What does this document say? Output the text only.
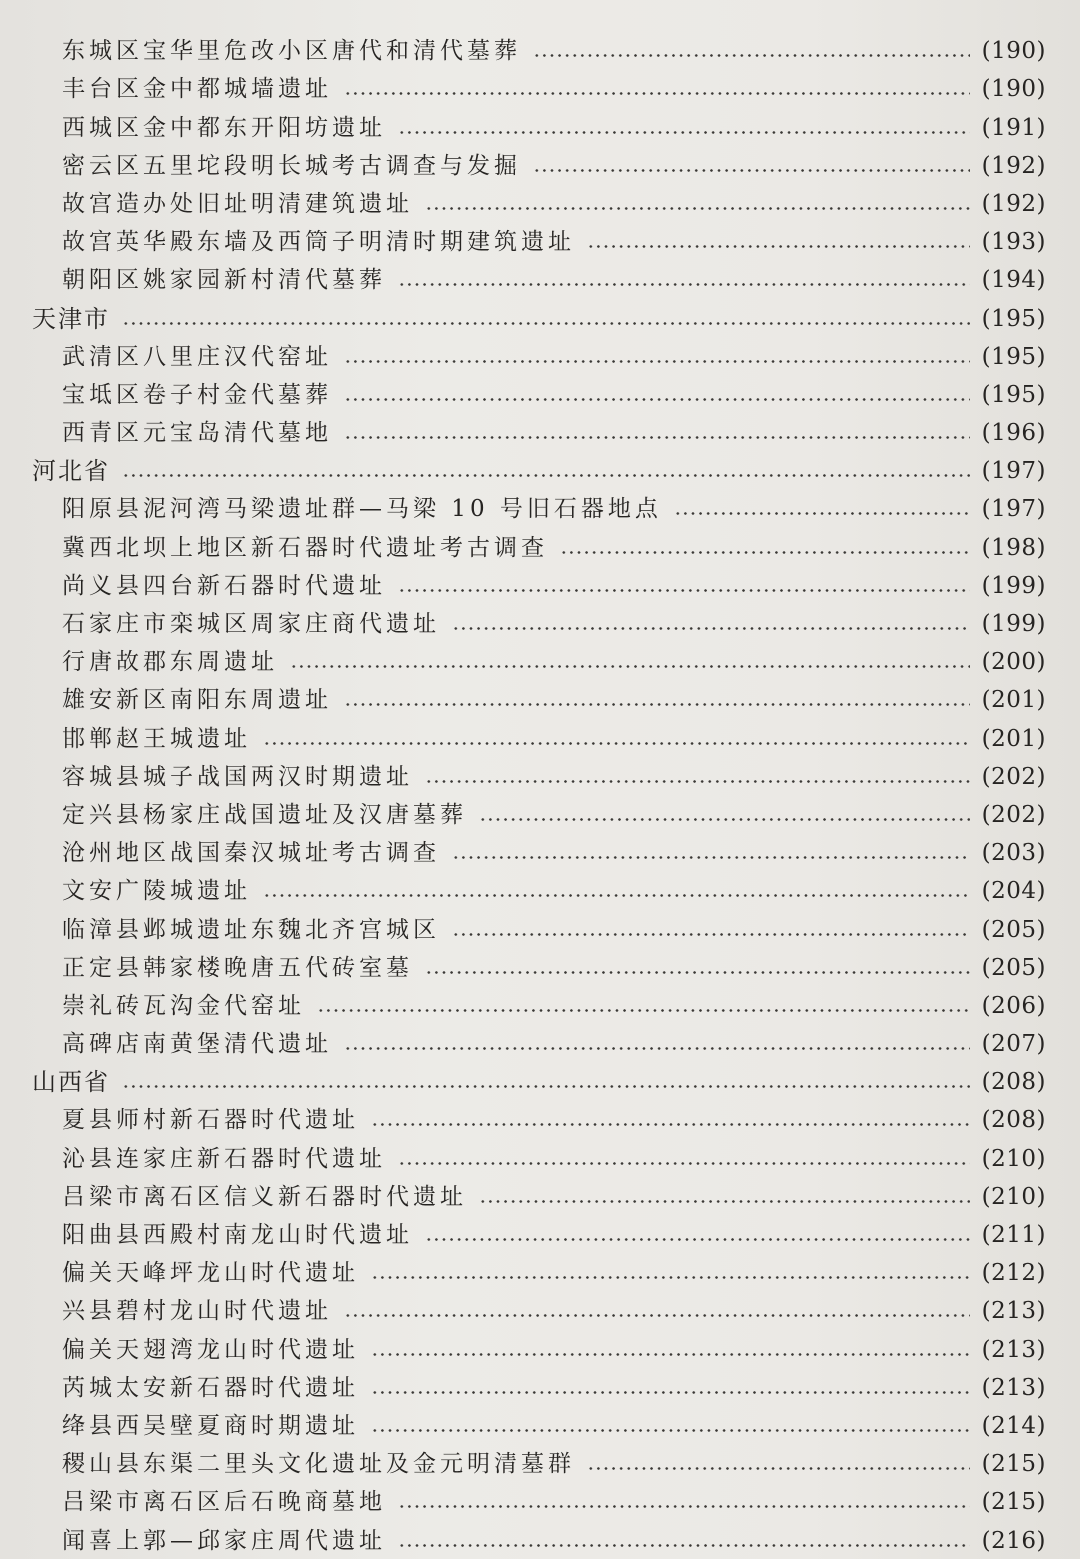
东城区宝华里危改小区唐代和清代墓葬	(190)
丰台区金中都城墙遗址	(190)
西城区金中都东开阳坊遗址	(191)
密云区五里坨段明长城考古调查与发掘	(192)
故宫造办处旧址明清建筑遗址	(192)
故宫英华殿东墙及西筒子明清时期建筑遗址	(193)
朝阳区姚家园新村清代墓葬	(194)
天津市	(195)
武清区八里庄汉代窑址	(195)
宝坻区卷子村金代墓葬	(195)
西青区元宝岛清代墓地	(196)
河北省	(197)
阳原县泥河湾马梁遗址群—马梁 10 号旧石器地点	(197)
冀西北坝上地区新石器时代遗址考古调查	(198)
尚义县四台新石器时代遗址	(199)
石家庄市栾城区周家庄商代遗址	(199)
行唐故郡东周遗址	(200)
雄安新区南阳东周遗址	(201)
邯郸赵王城遗址	(201)
容城县城子战国两汉时期遗址	(202)
定兴县杨家庄战国遗址及汉唐墓葬	(202)
沧州地区战国秦汉城址考古调查	(203)
文安广陵城遗址	(204)
临漳县邺城遗址东魏北齐宫城区	(205)
正定县韩家楼晚唐五代砖室墓	(205)
崇礼砖瓦沟金代窑址	(206)
高碑店南黄堡清代遗址	(207)
山西省	(208)
夏县师村新石器时代遗址	(208)
沁县连家庄新石器时代遗址	(210)
吕梁市离石区信义新石器时代遗址	(210)
阳曲县西殿村南龙山时代遗址	(211)
偏关天峰坪龙山时代遗址	(212)
兴县碧村龙山时代遗址	(213)
偏关天翅湾龙山时代遗址	(213)
芮城太安新石器时代遗址	(213)
绛县西吴壁夏商时期遗址	(214)
稷山县东渠二里头文化遗址及金元明清墓群	(215)
吕梁市离石区后石晚商墓地	(215)
闻喜上郭—邱家庄周代遗址	(216)
